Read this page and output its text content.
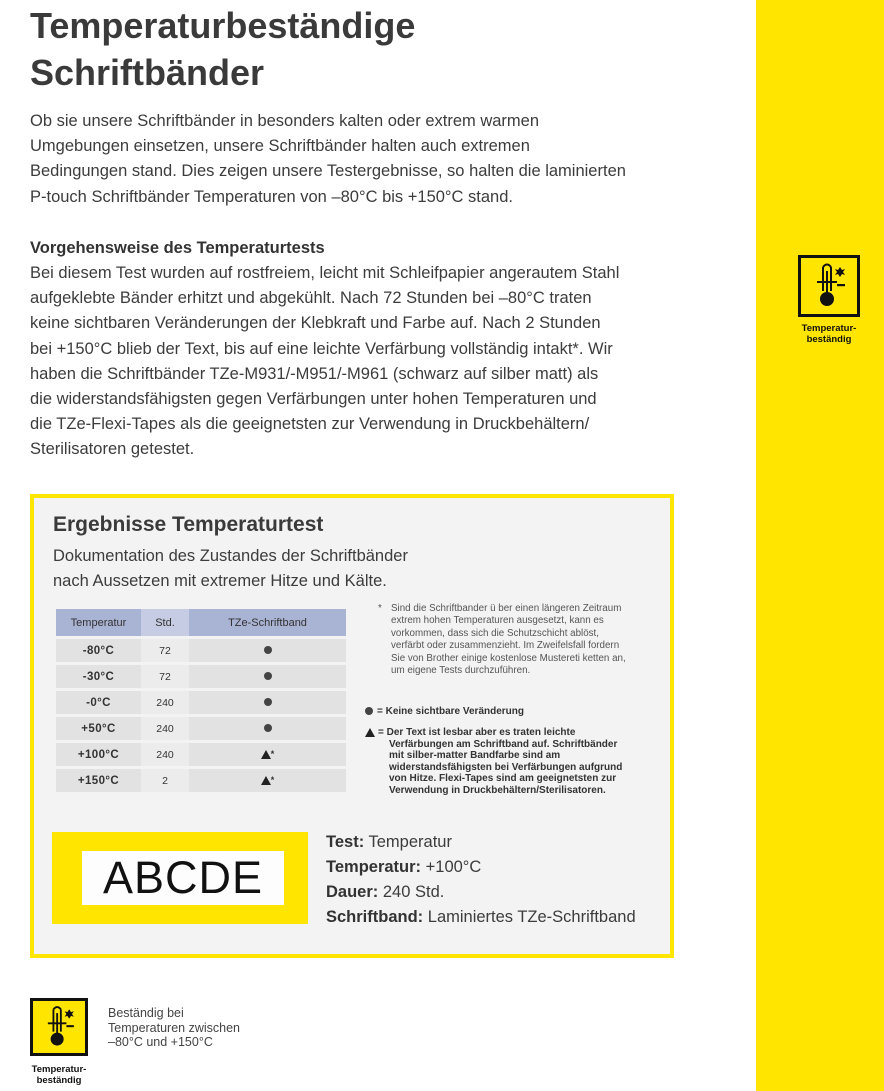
Temperatur-
beständig
Temperaturbeständige
Schriftbänder
Ob sie unsere Schriftbänder in besonders kalten oder extrem warmen
Umgebungen einsetzen, unsere Schriftbänder halten auch extremen
Bedingungen stand. Dies zeigen unsere Testergebnisse, so halten die laminierten
P-touch Schriftbänder Temperaturen von –80°C bis +150°C stand.
Vorgehensweise des Temperaturtests
Bei diesem Test wurden auf rostfreiem, leicht mit Schleifpapier angerautem Stahl
aufgeklebte Bänder erhitzt und abgekühlt. Nach 72 Stunden bei –80°C traten
keine sichtbaren Veränderungen der Klebkraft und Farbe auf. Nach 2 Stunden
bei +150°C blieb der Text, bis auf eine leichte Verfärbung vollständig intakt*. Wir
haben die Schriftbänder TZe-M931/-M951/-M961 (schwarz auf silber matt) als
die widerstandsfähigsten gegen Verfärbungen unter hohen Temperaturen und
die TZe-Flexi-Tapes als die geeignetsten zur Verwendung in Druckbehältern/
Sterilisatoren getestet.
Ergebnisse Temperaturtest
Dokumentation des Zustandes der Schriftbänder
nach Aussetzen mit extremer Hitze und Kälte.
Temperatur	Std.	TZe-Schriftband
-80°C	72	
-30°C	72	
-0°C	240	
+50°C	240	
+100°C	240	*
+150°C	2	*
* Sind die Schriftbander ü ber einen längeren Zeitraum
extrem hohen Temperaturen ausgesetzt, kann es
vorkommen, dass sich die Schutzschicht ablöst,
verfärbt oder zusammenzieht. Im Zweifelsfall fordern
Sie von Brother einige kostenlose Mustereti ketten an,
um eigene Tests durchzuführen.
= Keine sichtbare Veränderung
= Der Text ist lesbar aber es traten leichte
Verfärbungen am Schriftband auf. Schriftbänder
mit silber-matter Bandfarbe sind am
widerstandsfähigsten bei Verfärbungen aufgrund
von Hitze. Flexi-Tapes sind am geeignetsten zur
Verwendung in Druckbehältern/Sterilisatoren.
ABCDE
Test: Temperatur
Temperatur: +100°C
Dauer: 240 Std.
Schriftband: Laminiertes TZe-Schriftband
Temperatur-
beständig
Beständig bei
Temperaturen zwischen
–80°C und +150°C
